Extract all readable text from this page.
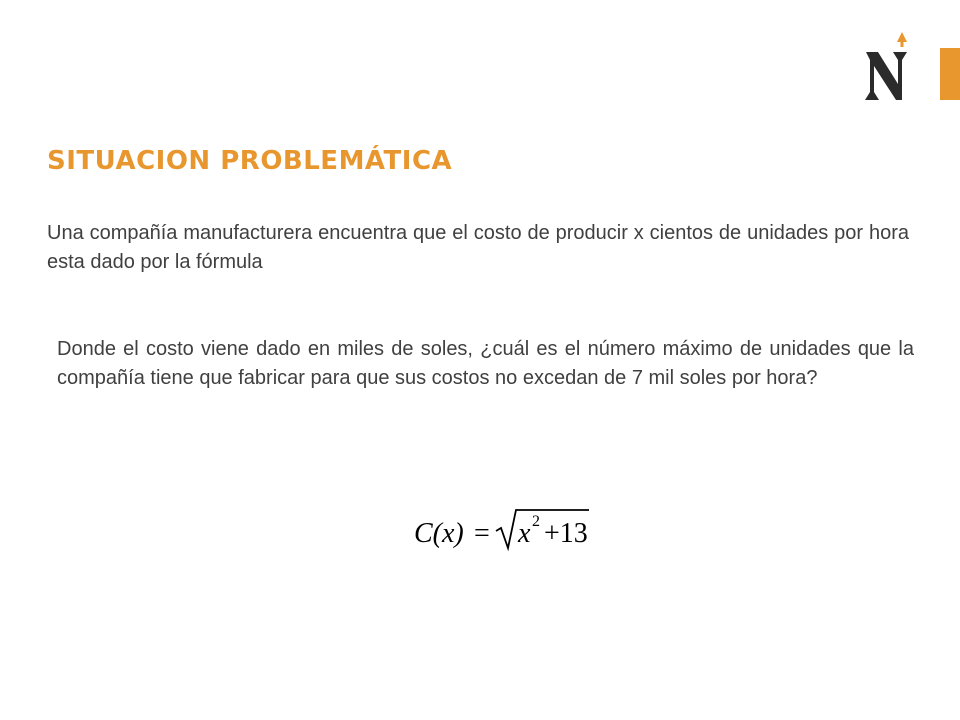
SITUACION PROBLEMÁTICA

Una compañía manufacturera encuentra que el costo de producir x cientos de unidades por hora esta dado por la fórmula

Donde el costo viene dado en miles de soles, ¿cuál es el número máximo de unidades que la compañía tiene que fabricar para que sus costos no excedan de 7 mil soles por hora?

C(x) = x 2 +13
